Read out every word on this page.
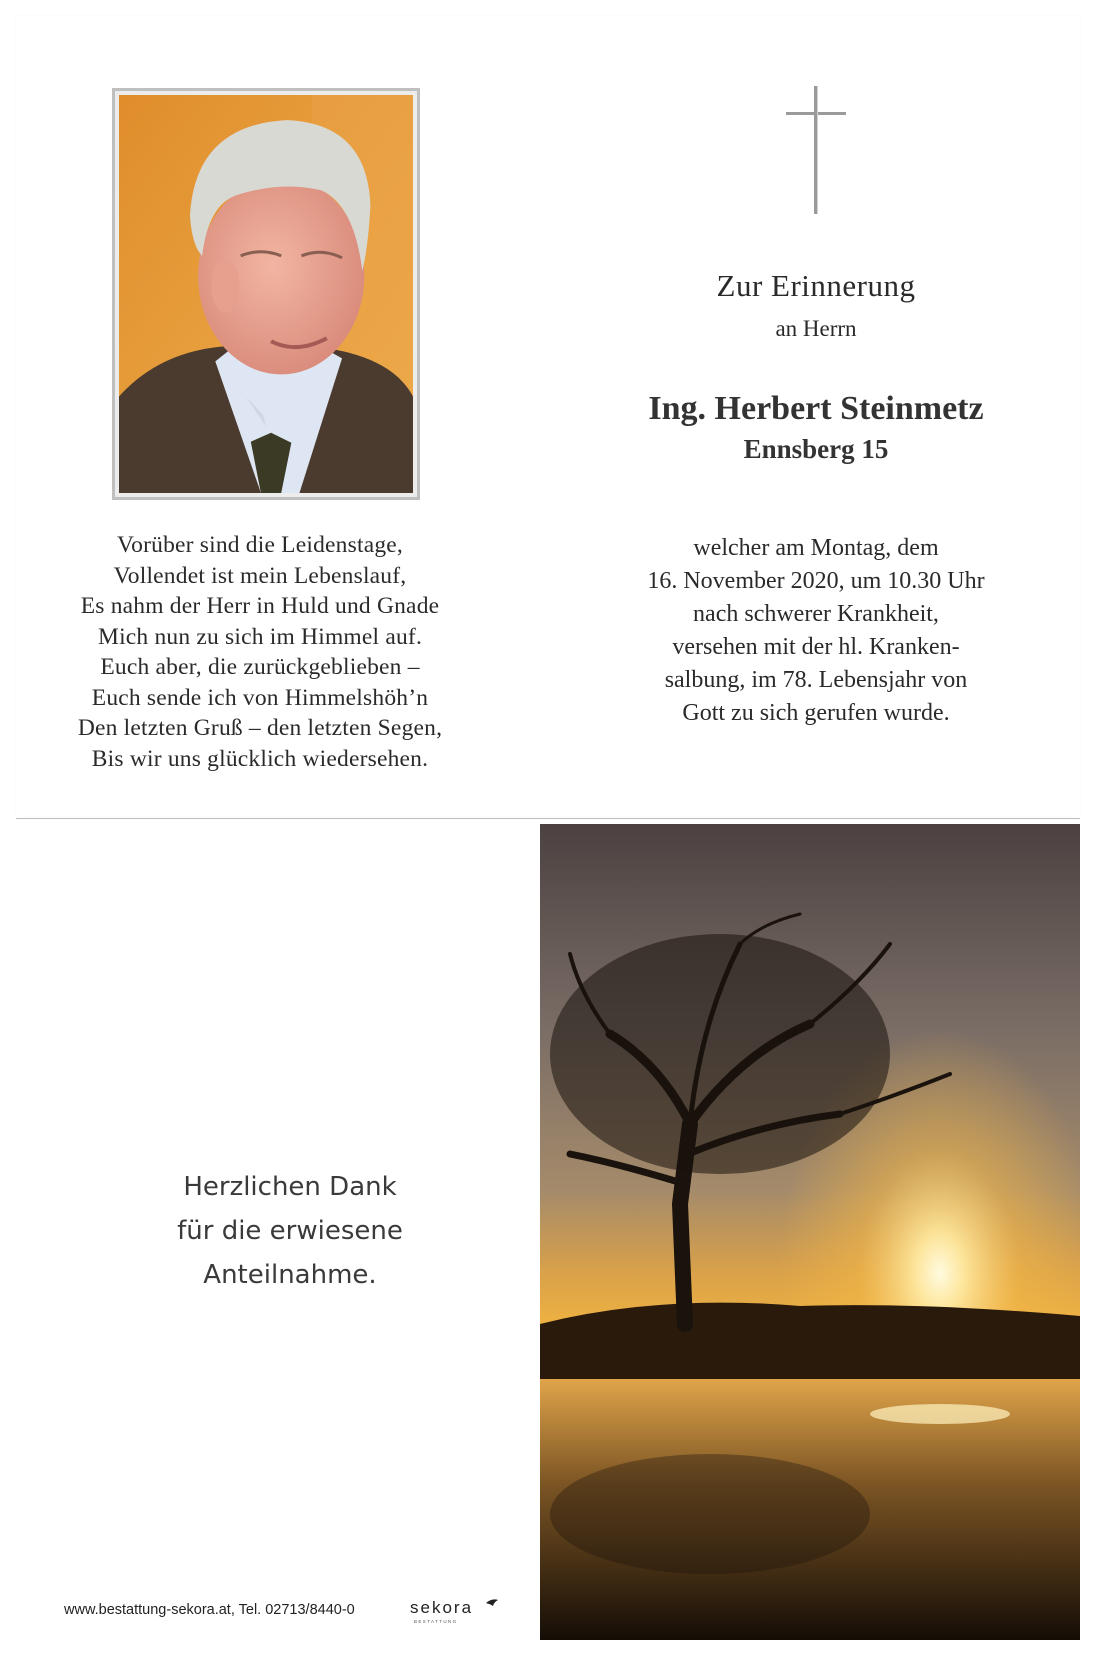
Zur Erinnerung
an Herrn
Ing. Herbert Steinmetz
Ennsberg 15
Vorüber sind die Leidenstage,
Vollendet ist mein Lebenslauf,
Es nahm der Herr in Huld und Gnade
Mich nun zu sich im Himmel auf.
Euch aber, die zurückgeblieben –
Euch sende ich von Himmelshöh’n
Den letzten Gruß – den letzten Segen,
Bis wir uns glücklich wiedersehen.
welcher am Montag, dem
16. November 2020, um 10.30 Uhr
nach schwerer Krankheit,
versehen mit der hl. Kranken-
salbung, im 78. Lebensjahr von
Gott zu sich gerufen wurde.
Herzlichen Dank
für die erwiesene
Anteilnahme.
www.bestattung-sekora.at, Tel. 02713/8440-0	sekora
BESTATTUNG
